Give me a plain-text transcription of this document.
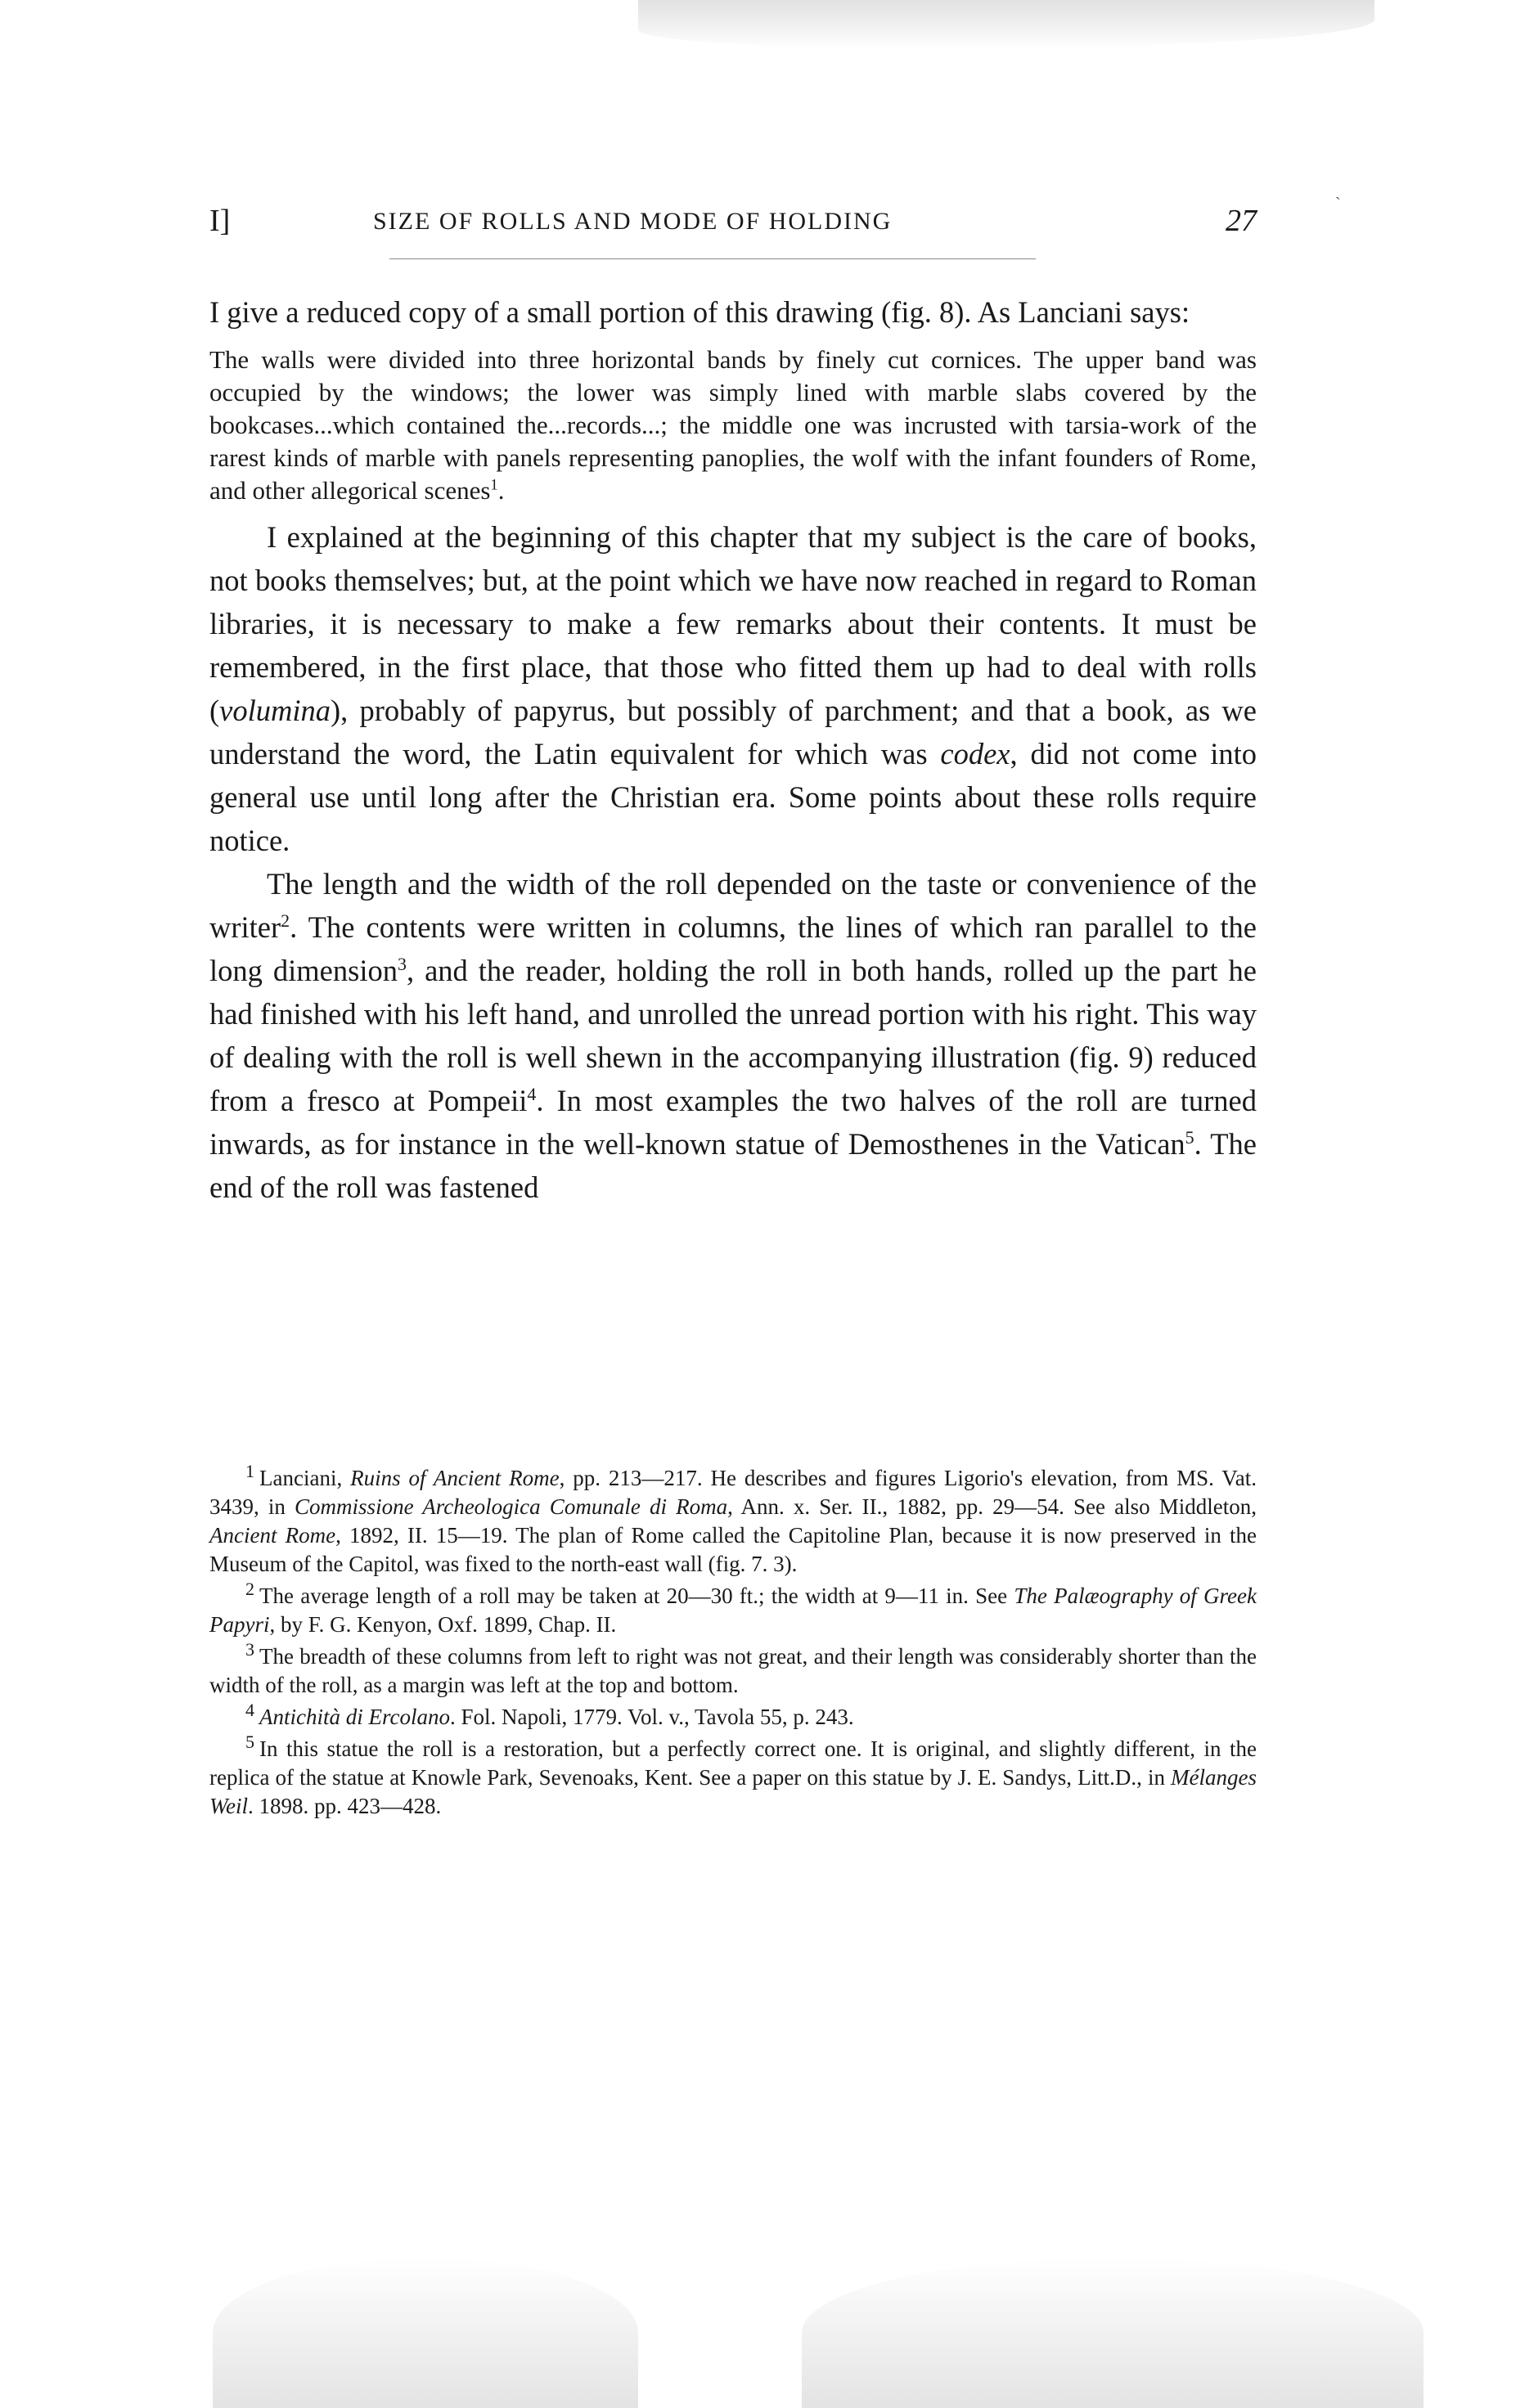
I]	SIZE OF ROLLS AND MODE OF HOLDING	27	`

I give a reduced copy of a small portion of this drawing (fig. 8). As Lanciani says:

The walls were divided into three horizontal bands by finely cut cornices. The upper band was occupied by the windows; the lower was simply lined with marble slabs covered by the bookcases...which contained the...records...; the middle one was incrusted with tarsia-work of the rarest kinds of marble with panels representing panoplies, the wolf with the infant founders of Rome, and other allegorical scenes$^1$.

I explained at the beginning of this chapter that my subject is the care of books, not books themselves; but, at the point which we have now reached in regard to Roman libraries, it is necessary to make a few remarks about their contents. It must be remembered, in the first place, that those who fitted them up had to deal with rolls (volumina), probably of papyrus, but possibly of parchment; and that a book, as we understand the word, the Latin equivalent for which was codex, did not come into general use until long after the Christian era. Some points about these rolls require notice.

The length and the width of the roll depended on the taste or convenience of the writer$^2$. The contents were written in columns, the lines of which ran parallel to the long dimension$^3$, and the reader, holding the roll in both hands, rolled up the part he had finished with his left hand, and unrolled the unread portion with his right. This way of dealing with the roll is well shewn in the accompanying illustration (fig. 9) reduced from a fresco at Pompeii$^4$. In most examples the two halves of the roll are turned inwards, as for instance in the well-known statue of Demosthenes in the Vatican$^5$. The end of the roll was fastened

$^1$ Lanciani, Ruins of Ancient Rome, pp. 213—217. He describes and figures Ligorio's elevation, from MS. Vat. 3439, in Commissione Archeologica Comunale di Roma, Ann. x. Ser. II., 1882, pp. 29—54. See also Middleton, Ancient Rome, 1892, II. 15—19. The plan of Rome called the Capitoline Plan, because it is now preserved in the Museum of the Capitol, was fixed to the north-east wall (fig. 7. 3).

$^2$ The average length of a roll may be taken at 20—30 ft.; the width at 9—11 in. See The Palæography of Greek Papyri, by F. G. Kenyon, Oxf. 1899, Chap. II.

$^3$ The breadth of these columns from left to right was not great, and their length was considerably shorter than the width of the roll, as a margin was left at the top and bottom.

$^4$ Antichità di Ercolano. Fol. Napoli, 1779. Vol. v., Tavola 55, p. 243.

$^5$ In this statue the roll is a restoration, but a perfectly correct one. It is original, and slightly different, in the replica of the statue at Knowle Park, Sevenoaks, Kent. See a paper on this statue by J. E. Sandys, Litt.D., in Mélanges Weil. 1898. pp. 423—428.
